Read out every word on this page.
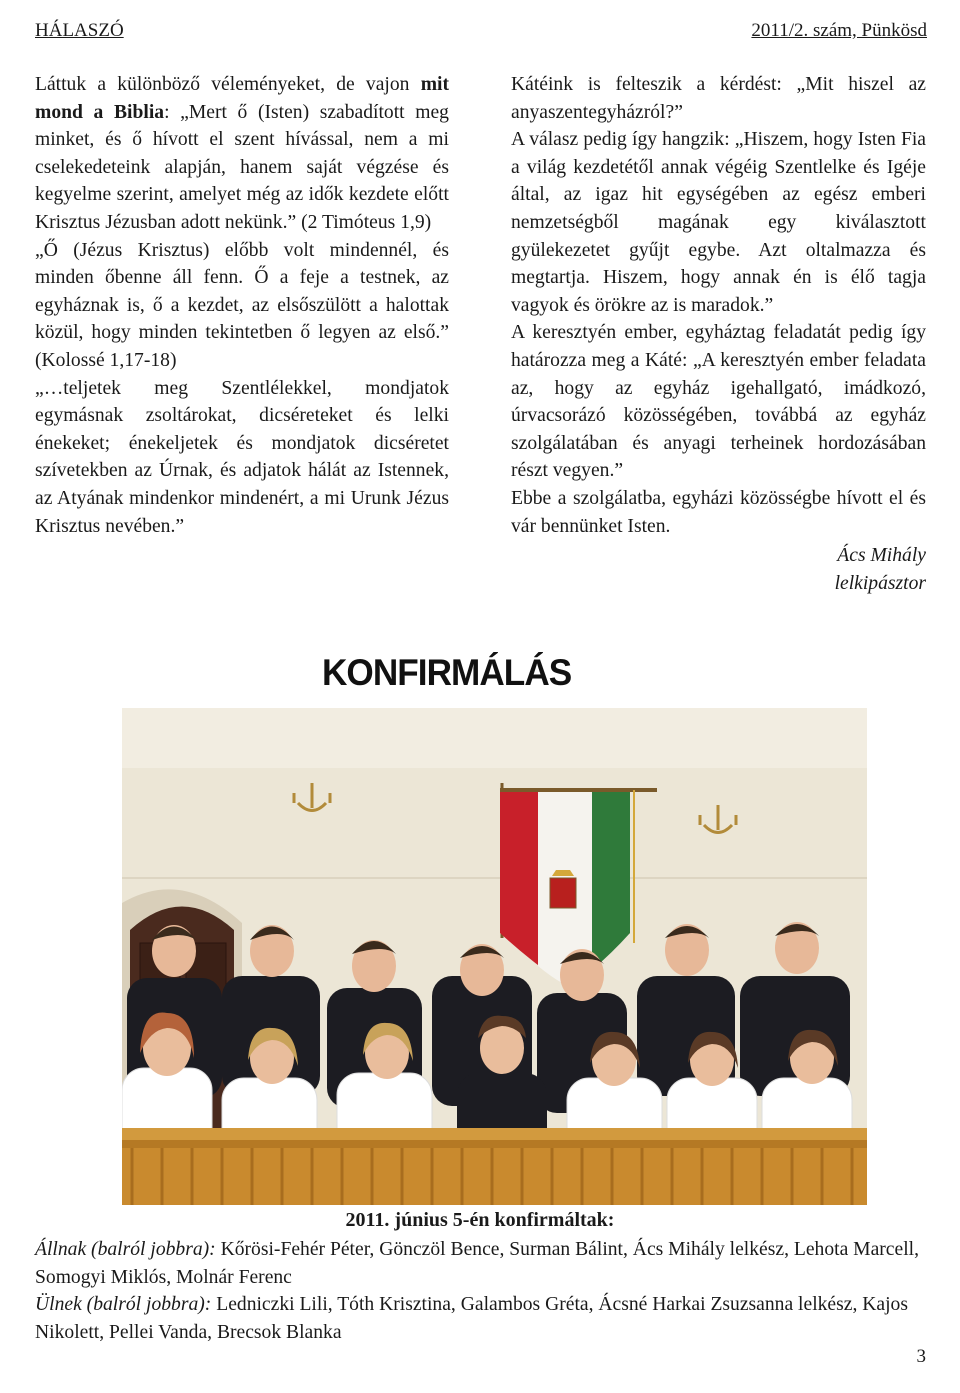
HÁLASZÓ	2011/2. szám, Pünkösd

Láttuk a különböző véleményeket, de vajon mit mond a Biblia: „Mert ő (Isten) szabadított meg minket, és ő hívott el szent hívással, nem a mi cselekedeteink alapján, hanem saját végzése és kegyelme szerint, amelyet még az idők kezdete előtt Krisztus Jézusban adott nekünk.” (2 Timóteus 1,9)

„Ő (Jézus Krisztus) előbb volt mindennél, és minden őbenne áll fenn. Ő a feje a testnek, az egyháznak is, ő a kezdet, az elsőszülött a halottak közül, hogy minden tekintetben ő legyen az első.” (Kolossé 1,17-18)

„…teljetek meg Szentlélekkel, mondjatok egymásnak zsoltárokat, dicséreteket és lelki énekeket; énekeljetek és mondjatok dicséretet szívetekben az Úrnak, és adjatok hálát az Istennek, az Atyának mindenkor mindenért, a mi Urunk Jézus Krisztus nevében.”

Kátéink is felteszik a kérdést: „Mit hiszel az anyaszentegyházról?”

A válasz pedig így hangzik: „Hiszem, hogy Isten Fia a világ kezdetétől annak végéig Szentlelke és Igéje által, az igaz hit egységében az egész emberi nemzetségből magának egy kiválasztott gyülekezetet gyűjt egybe. Azt oltalmazza és megtartja. Hiszem, hogy annak én is élő tagja vagyok és örökre az is maradok.”

A keresztyén ember, egyháztag feladatát pedig így határozza meg a Káté: „A keresztyén ember feladata az, hogy az egyház igehallgató, imádkozó, úrvacsorázó közösségében, továbbá az egyház szolgálatában és anyagi terheinek hordozásában részt vegyen.”

Ebbe a szolgálatba, egyházi közösségbe hívott el és vár bennünket Isten.

Ács Mihály
lelkipásztor
KONFIRMÁLÁS
2011. június 5-én konfirmáltak:

Állnak (balról jobbra): Kőrösi-Fehér Péter, Gönczöl Bence, Surman Bálint, Ács Mihály lelkész, Lehota Marcell, Somogyi Miklós, Molnár Ferenc

Ülnek (balról jobbra): Ledniczki Lili, Tóth Krisztina, Galambos Gréta, Ácsné Harkai Zsuzsanna lelkész, Kajos Nikolett, Pellei Vanda, Brecsok Blanka

3
